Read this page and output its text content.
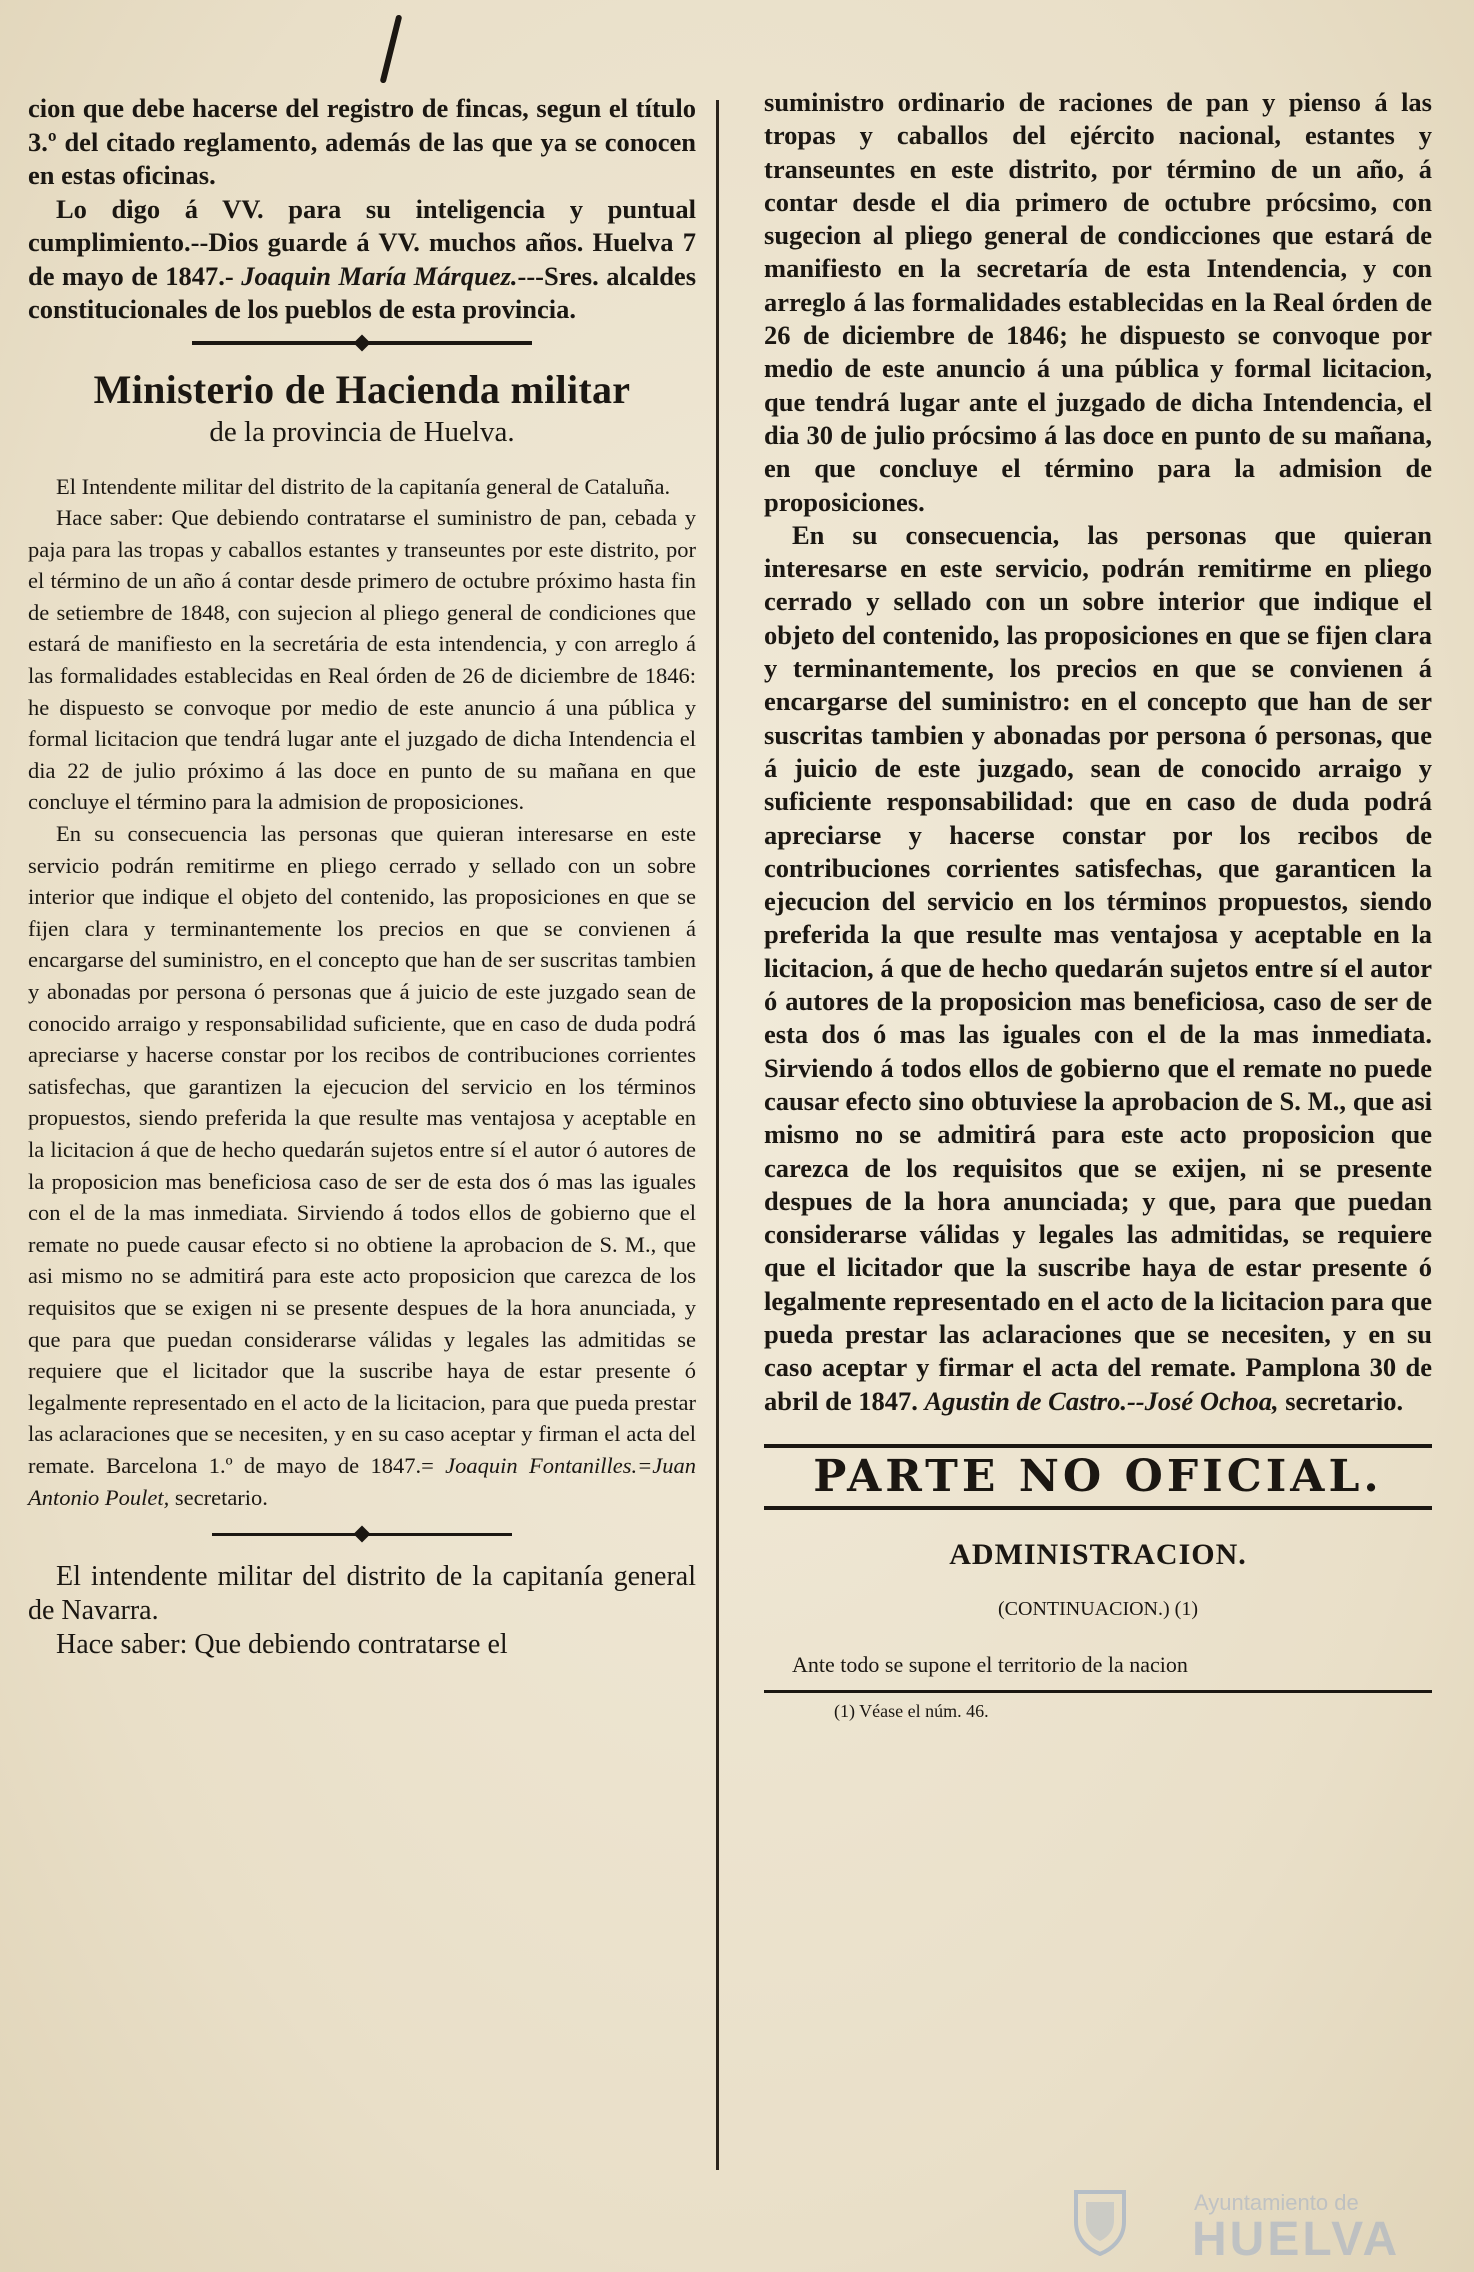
cion que debe hacerse del registro de fincas, segun el título 3.º del citado reglamento, además de las que ya se conocen en estas oficinas.

Lo digo á VV. para su inteligencia y puntual cumplimiento.--Dios guarde á VV. muchos años. Huelva 7 de mayo de 1847.- Joaquin María Márquez.---Sres. alcaldes constitucionales de los pueblos de esta provincia.

Ministerio de Hacienda militar
de la provincia de Huelva.

El Intendente militar del distrito de la capitanía general de Cataluña.

Hace saber: Que debiendo contratarse el suministro de pan, cebada y paja para las tropas y caballos estantes y transeuntes por este distrito, por el término de un año á contar desde primero de octubre próximo hasta fin de setiembre de 1848, con sujecion al pliego general de condiciones que estará de manifiesto en la secretária de esta intendencia, y con arreglo á las formalidades establecidas en Real órden de 26 de diciembre de 1846: he dispuesto se convoque por medio de este anuncio á una pública y formal licitacion que tendrá lugar ante el juzgado de dicha Intendencia el dia 22 de julio próximo á las doce en punto de su mañana en que concluye el término para la admision de proposiciones.

En su consecuencia las personas que quieran interesarse en este servicio podrán remitirme en pliego cerrado y sellado con un sobre interior que indique el objeto del contenido, las proposiciones en que se fijen clara y terminantemente los precios en que se convienen á encargarse del suministro, en el concepto que han de ser suscritas tambien y abonadas por persona ó personas que á juicio de este juzgado sean de conocido arraigo y responsabilidad suficiente, que en caso de duda podrá apreciarse y hacerse constar por los recibos de contribuciones corrientes satisfechas, que garantizen la ejecucion del servicio en los términos propuestos, siendo preferida la que resulte mas ventajosa y aceptable en la licitacion á que de hecho quedarán sujetos entre sí el autor ó autores de la proposicion mas beneficiosa caso de ser de esta dos ó mas las iguales con el de la mas inmediata. Sirviendo á todos ellos de gobierno que el remate no puede causar efecto si no obtiene la aprobacion de S. M., que asi mismo no se admitirá para este acto proposicion que carezca de los requisitos que se exigen ni se presente despues de la hora anunciada, y que para que puedan considerarse válidas y legales las admitidas se requiere que el licitador que la suscribe haya de estar presente ó legalmente representado en el acto de la licitacion, para que pueda prestar las aclaraciones que se necesiten, y en su caso aceptar y firman el acta del remate. Barcelona 1.º de mayo de 1847.= Joaquin Fontanilles.=Juan Antonio Poulet, secretario.

El intendente militar del distrito de la capitanía general de Navarra.

Hace saber: Que debiendo contratarse el

suministro ordinario de raciones de pan y pienso á las tropas y caballos del ejército nacional, estantes y transeuntes en este distrito, por término de un año, á contar desde el dia primero de octubre prócsimo, con sugecion al pliego general de condicciones que estará de manifiesto en la secretaría de esta Intendencia, y con arreglo á las formalidades establecidas en la Real órden de 26 de diciembre de 1846; he dispuesto se convoque por medio de este anuncio á una pública y formal licitacion, que tendrá lugar ante el juzgado de dicha Intendencia, el dia 30 de julio prócsimo á las doce en punto de su mañana, en que concluye el término para la admision de proposiciones.

En su consecuencia, las personas que quieran interesarse en este servicio, podrán remitirme en pliego cerrado y sellado con un sobre interior que indique el objeto del contenido, las proposiciones en que se fijen clara y terminantemente, los precios en que se convienen á encargarse del suministro: en el concepto que han de ser suscritas tambien y abonadas por persona ó personas, que á juicio de este juzgado, sean de conocido arraigo y suficiente responsabilidad: que en caso de duda podrá apreciarse y hacerse constar por los recibos de contribuciones corrientes satisfechas, que garanticen la ejecucion del servicio en los términos propuestos, siendo preferida la que resulte mas ventajosa y aceptable en la licitacion, á que de hecho quedarán sujetos entre sí el autor ó autores de la proposicion mas beneficiosa, caso de ser de esta dos ó mas las iguales con el de la mas inmediata. Sirviendo á todos ellos de gobierno que el remate no puede causar efecto sino obtuviese la aprobacion de S. M., que asi mismo no se admitirá para este acto proposicion que carezca de los requisitos que se exijen, ni se presente despues de la hora anunciada; y que, para que puedan considerarse válidas y legales las admitidas, se requiere que el licitador que la suscribe haya de estar presente ó legalmente representado en el acto de la licitacion para que pueda prestar las aclaraciones que se necesiten, y en su caso aceptar y firmar el acta del remate. Pamplona 30 de abril de 1847. Agustin de Castro.--José Ochoa, secretario.

PARTE NO OFICIAL.
ADMINISTRACION.
(CONTINUACION.) (1)

Ante todo se supone el territorio de la nacion

(1) Véase el núm. 46.
Ayuntamiento de
HUELVA
